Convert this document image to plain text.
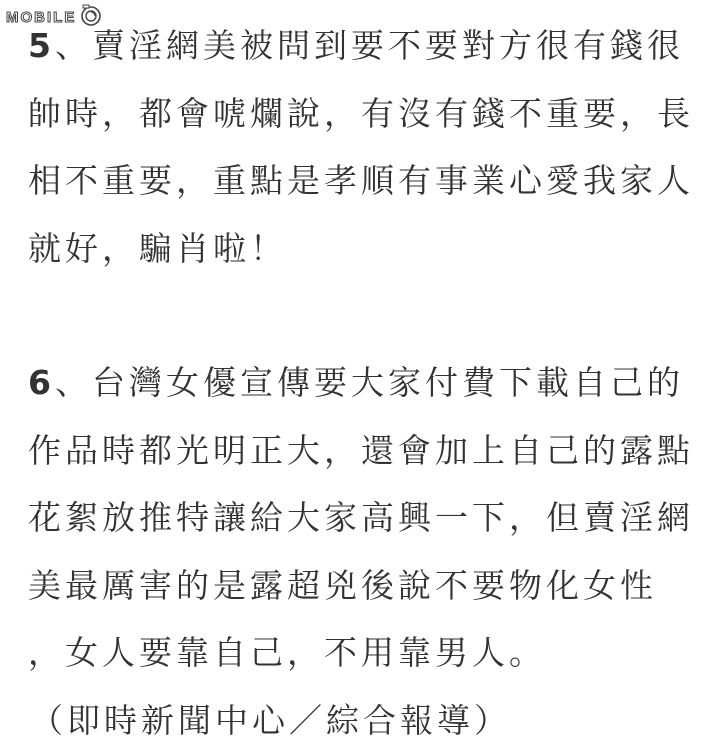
MOBILE

5、賣淫網美被問到要不要對方很有錢很帥時，都會唬爛說，有沒有錢不重要，長相不重要，重點是孝順有事業心愛我家人就好，騙肖啦！

6、台灣女優宣傳要大家付費下載自己的作品時都光明正大，還會加上自己的露點花絮放推特讓給大家高興一下，但賣淫網美最厲害的是露超兇後說不要物化女性 ，女人要靠自己，不用靠男人。

（即時新聞中心／綜合報導）
